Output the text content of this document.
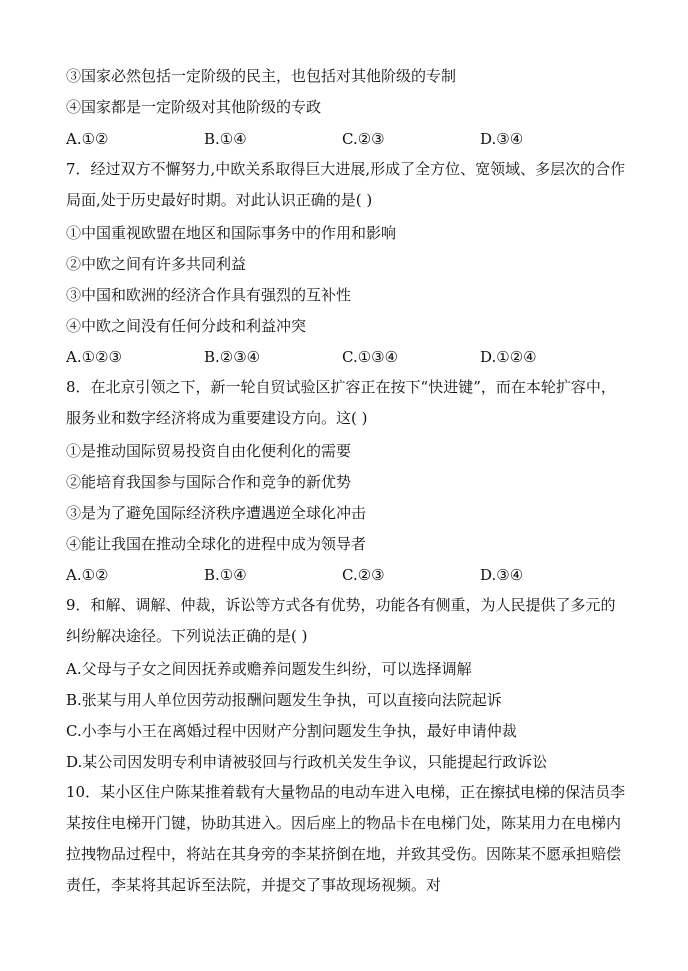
③国家必然包括一定阶级的民主，也包括对其他阶级的专制
④国家都是一定阶级对其他阶级的专政
A.①②	B.①④	C.②③	D.③④
7．经过双方不懈努力,中欧关系取得巨大进展,形成了全方位、宽领域、多层次的合作局面,处于历史最好时期。对此认识正确的是( )
①中国重视欧盟在地区和国际事务中的作用和影响
②中欧之间有许多共同利益
③中国和欧洲的经济合作具有强烈的互补性
④中欧之间没有任何分歧和利益冲突
A.①②③	B.②③④	C.①③④	D.①②④
8．在北京引领之下，新一轮自贸试验区扩容正在按下“快进键”，而在本轮扩容中，服务业和数字经济将成为重要建设方向。这( )
①是推动国际贸易投资自由化便利化的需要
②能培育我国参与国际合作和竞争的新优势
③是为了避免国际经济秩序遭遇逆全球化冲击
④能让我国在推动全球化的进程中成为领导者
A.①②	B.①④	C.②③	D.③④
9．和解、调解、仲裁，诉讼等方式各有优势，功能各有侧重，为人民提供了多元的纠纷解决途径。下列说法正确的是( )
A.父母与子女之间因抚养或赡养问题发生纠纷，可以选择调解
B.张某与用人单位因劳动报酬问题发生争执，可以直接向法院起诉
C.小李与小王在离婚过程中因财产分割问题发生争执，最好申请仲裁
D.某公司因发明专利申请被驳回与行政机关发生争议，只能提起行政诉讼
10．某小区住户陈某推着载有大量物品的电动车进入电梯，正在擦拭电梯的保洁员李某按住电梯开门键，协助其进入。因后座上的物品卡在电梯门处，陈某用力在电梯内拉拽物品过程中，将站在其身旁的李某挤倒在地，并致其受伤。因陈某不愿承担赔偿责任，李某将其起诉至法院，并提交了事故现场视频。对
